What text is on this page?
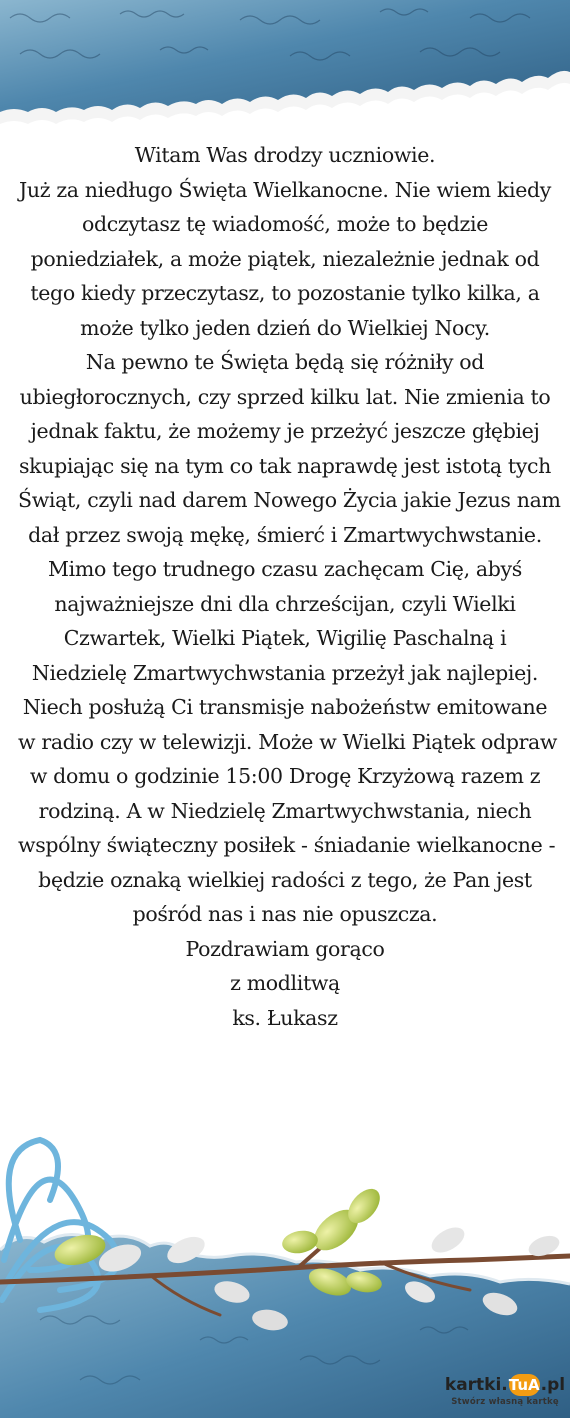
Witam Was drodzy uczniowie.
Już za niedługo Święta Wielkanocne. Nie wiem kiedy
odczytasz tę wiadomość, może to będzie
poniedziałek, a może piątek, niezależnie jednak od
tego kiedy przeczytasz, to pozostanie tylko kilka, a
może tylko jeden dzień do Wielkiej Nocy.
Na pewno te Święta będą się różniły od
ubiegłorocznych, czy sprzed kilku lat. Nie zmienia to
jednak faktu, że możemy je przeżyć jeszcze głębiej
skupiając się na tym co tak naprawdę jest istotą tych
Świąt, czyli nad darem Nowego Życia jakie Jezus nam
dał przez swoją mękę, śmierć i Zmartwychwstanie.
Mimo tego trudnego czasu zachęcam Cię, abyś
najważniejsze dni dla chrześcijan, czyli Wielki
Czwartek, Wielki Piątek, Wigilię Paschalną i
Niedzielę Zmartwychwstania przeżył jak najlepiej.
Niech posłużą Ci transmisje nabożeństw emitowane
w radio czy w telewizji. Może w Wielki Piątek odpraw
w domu o godzinie 15:00 Drogę Krzyżową razem z
rodziną. A w Niedzielę Zmartwychwstania, niech
wspólny świąteczny posiłek - śniadanie wielkanocne -
będzie oznaką wielkiej radości z tego, że Pan jest
pośród nas i nas nie opuszcza.
Pozdrawiam gorąco
z modlitwą
ks. Łukasz
kartki. TuA .pl
Stwórz własną kartkę
